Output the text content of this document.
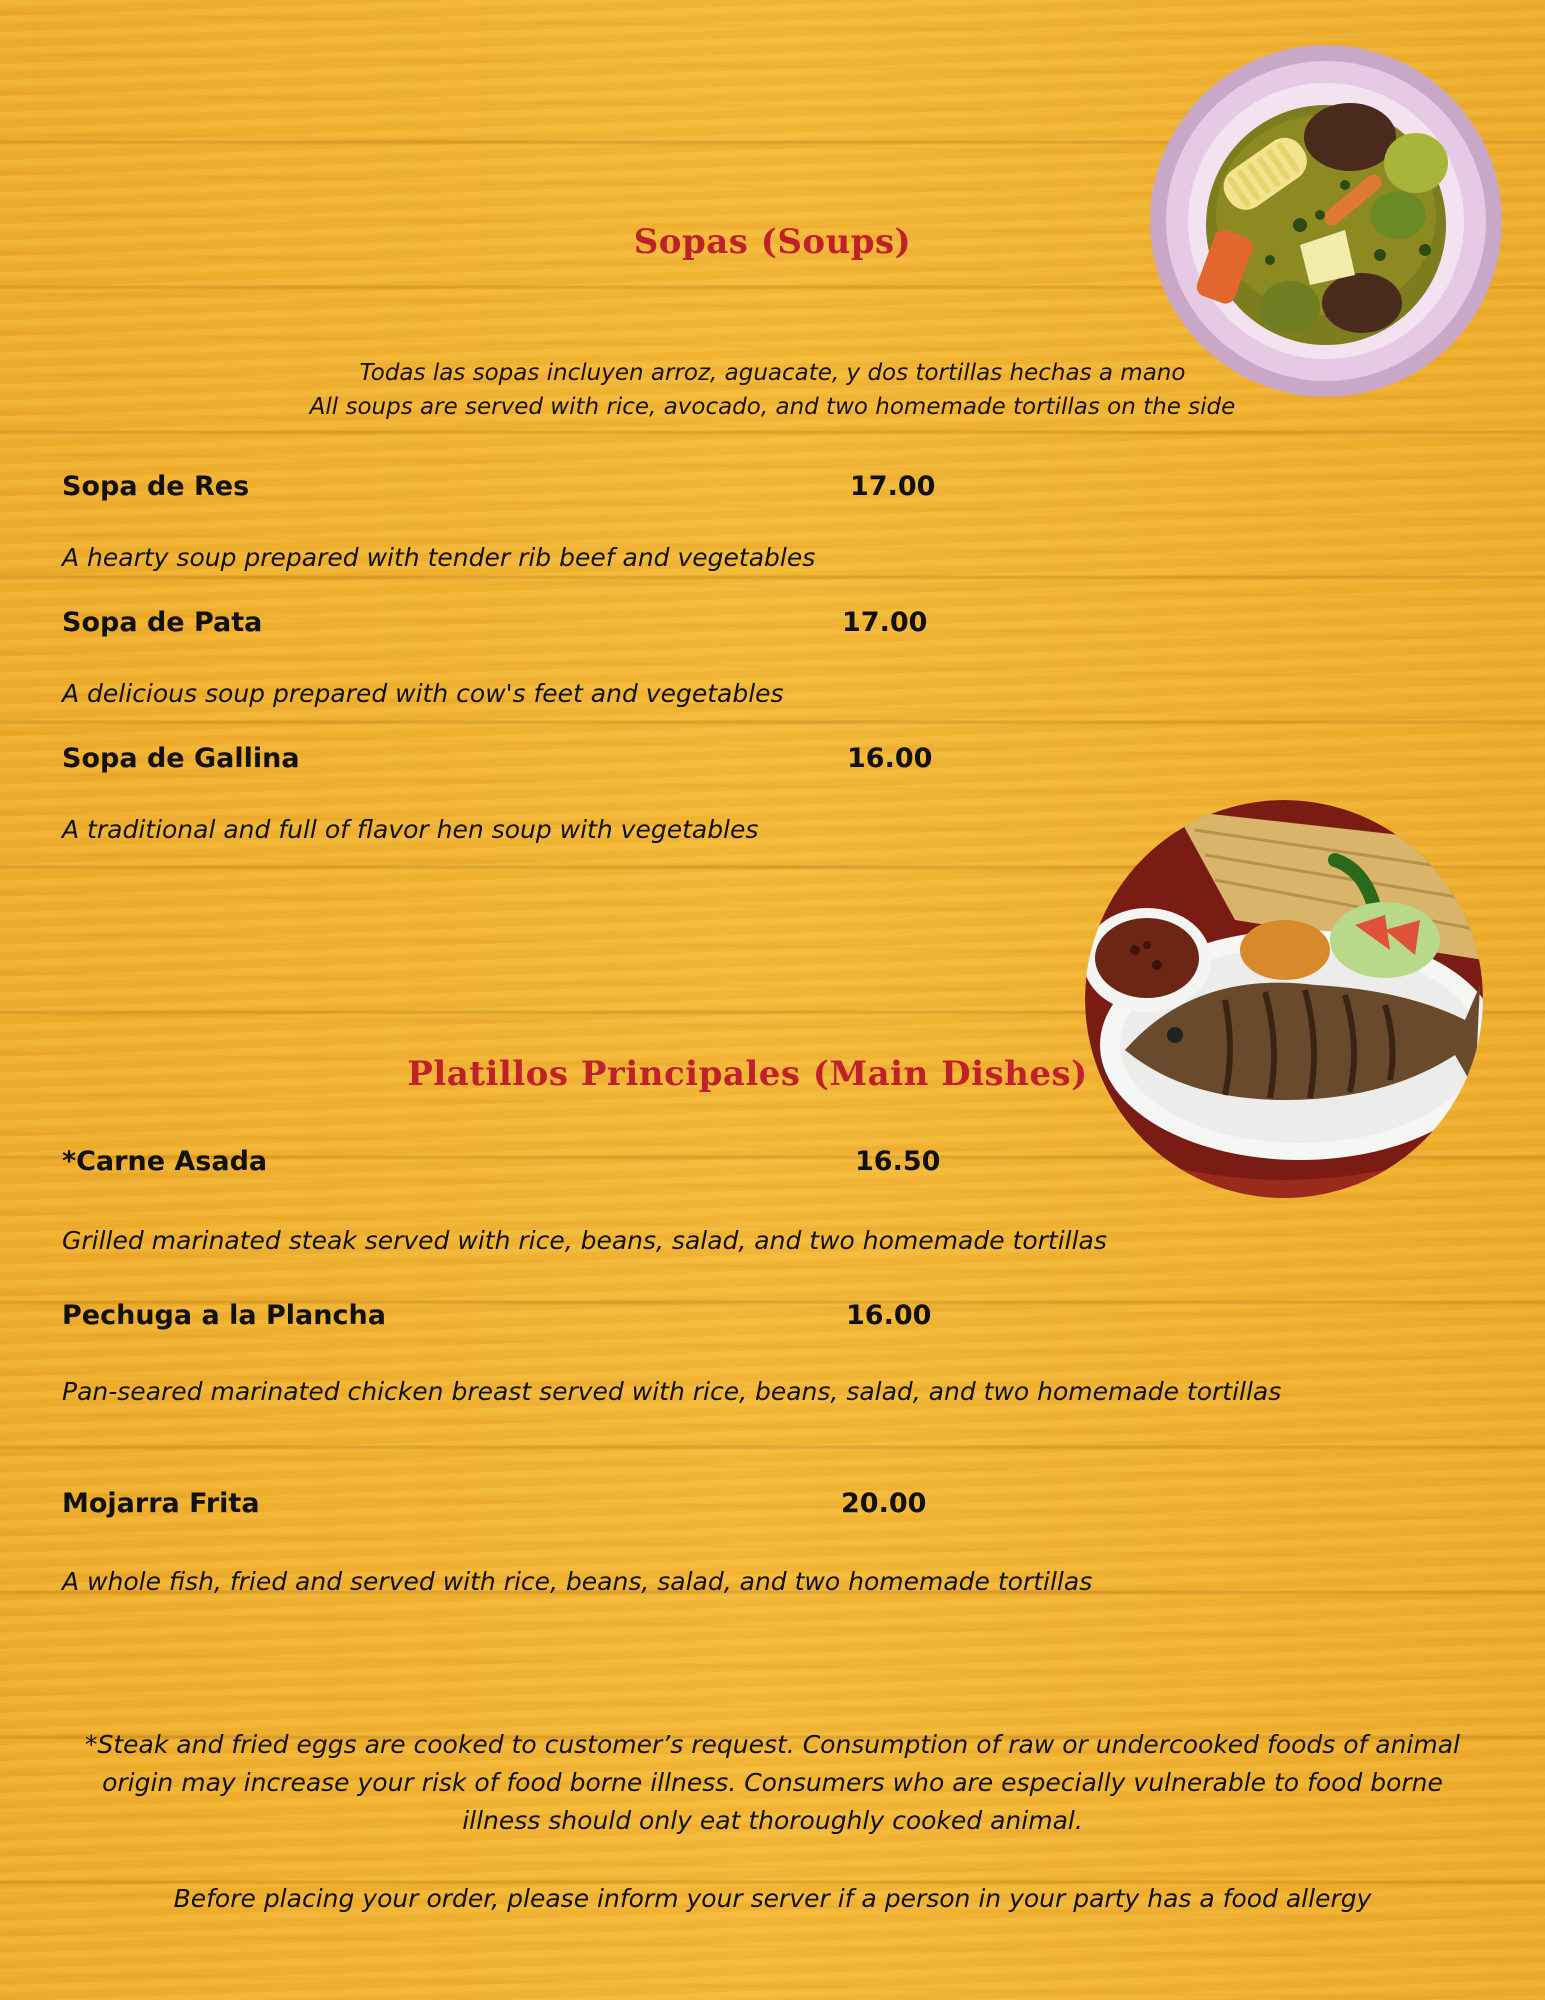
Sopas (Soups)
Todas las sopas incluyen arroz, aguacate, y dos tortillas hechas a mano
All soups are served with rice, avocado, and two homemade tortillas on the side
Sopa de Res	17.00
A hearty soup prepared with tender rib beef and vegetables
Sopa de Pata	17.00
A delicious soup prepared with cow's feet and vegetables
Sopa de Gallina	16.00
A traditional and full of flavor hen soup with vegetables
Platillos Principales (Main Dishes)
*Carne Asada	16.50
Grilled marinated steak served with rice, beans, salad, and two homemade tortillas
Pechuga a la Plancha	16.00
Pan-seared marinated chicken breast served with rice, beans, salad, and two homemade tortillas
Mojarra Frita	20.00
A whole fish, fried and served with rice, beans, salad, and two homemade tortillas
*Steak and fried eggs are cooked to customer’s request. Consumption of raw or undercooked foods of animal origin may increase your risk of food borne illness. Consumers who are especially vulnerable to food borne illness should only eat thoroughly cooked animal.
Before placing your order, please inform your server if a person in your party has a food allergy
